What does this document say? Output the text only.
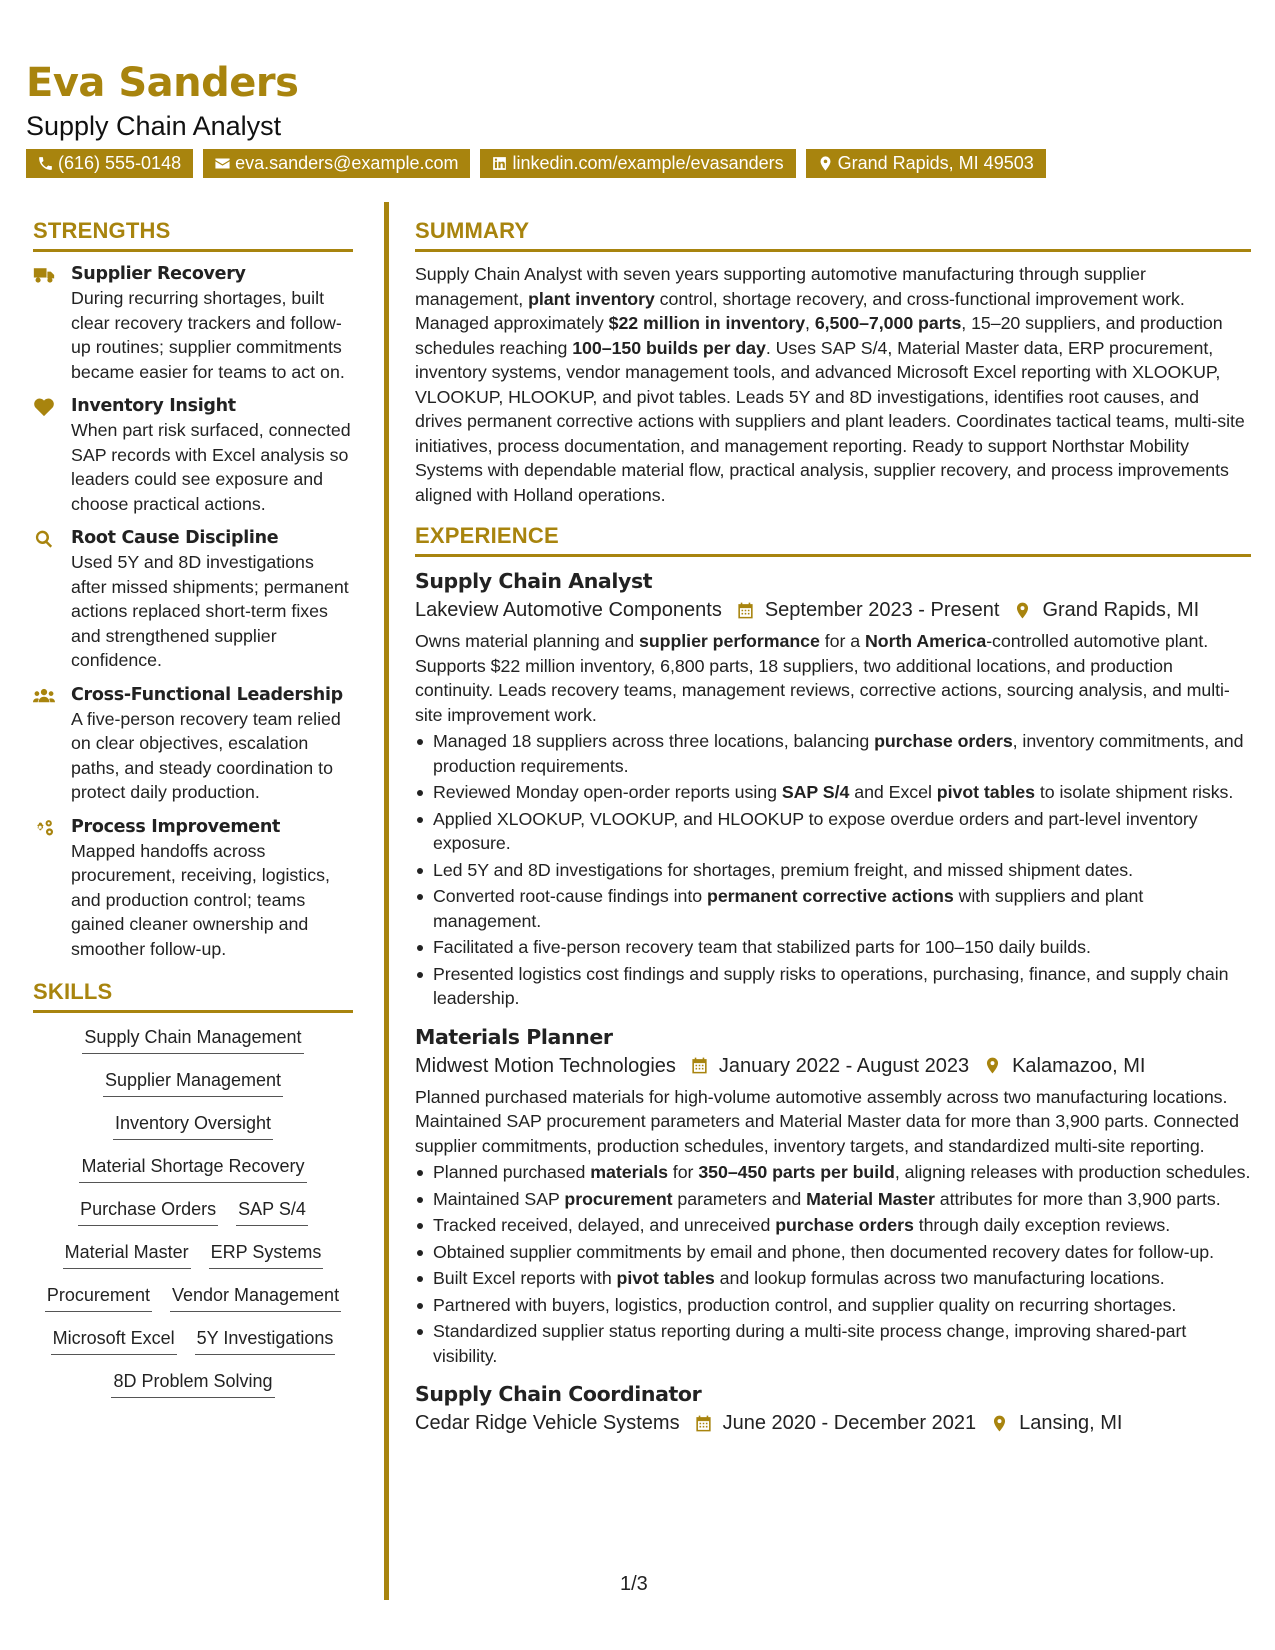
Eva Sanders
Supply Chain Analyst
(616) 555-0148	eva.sanders@example.com	linkedin.com/example/evasanders	Grand Rapids, MI 49503
STRENGTHS
Supplier Recovery
During recurring shortages, built clear recovery trackers and follow-up routines; supplier commitments became easier for teams to act on.
Inventory Insight
When part risk surfaced, connected SAP records with Excel analysis so leaders could see exposure and choose practical actions.
Root Cause Discipline
Used 5Y and 8D investigations after missed shipments; permanent actions replaced short-term fixes and strengthened supplier confidence.
Cross-Functional Leadership
A five-person recovery team relied on clear objectives, escalation paths, and steady coordination to protect daily production.
Process Improvement
Mapped handoffs across procurement, receiving, logistics, and production control; teams gained cleaner ownership and smoother follow-up.
SKILLS
Supply Chain Management
Supplier Management
Inventory Oversight
Material Shortage Recovery
Purchase Orders SAP S/4
Material Master ERP Systems
Procurement Vendor Management
Microsoft Excel 5Y Investigations
8D Problem Solving
SUMMARY
Supply Chain Analyst with seven years supporting automotive manufacturing through supplier management, plant inventory control, shortage recovery, and cross-functional improvement work. Managed approximately $22 million in inventory, 6,500–7,000 parts, 15–20 suppliers, and production schedules reaching 100–150 builds per day. Uses SAP S/4, Material Master data, ERP procurement, inventory systems, vendor management tools, and advanced Microsoft Excel reporting with XLOOKUP, VLOOKUP, HLOOKUP, and pivot tables. Leads 5Y and 8D investigations, identifies root causes, and drives permanent corrective actions with suppliers and plant leaders. Coordinates tactical teams, multi-site initiatives, process documentation, and management reporting. Ready to support Northstar Mobility Systems with dependable material flow, practical analysis, supplier recovery, and process improvements aligned with Holland operations.
EXPERIENCE
Supply Chain Analyst
Lakeview Automotive Components September 2023 - Present Grand Rapids, MI
Owns material planning and supplier performance for a North America-controlled automotive plant. Supports $22 million inventory, 6,800 parts, 18 suppliers, two additional locations, and production continuity. Leads recovery teams, management reviews, corrective actions, sourcing analysis, and multi-site improvement work.
Managed 18 suppliers across three locations, balancing purchase orders, inventory commitments, and production requirements.
Reviewed Monday open-order reports using SAP S/4 and Excel pivot tables to isolate shipment risks.
Applied XLOOKUP, VLOOKUP, and HLOOKUP to expose overdue orders and part-level inventory exposure.
Led 5Y and 8D investigations for shortages, premium freight, and missed shipment dates.
Converted root-cause findings into permanent corrective actions with suppliers and plant management.
Facilitated a five-person recovery team that stabilized parts for 100–150 daily builds.
Presented logistics cost findings and supply risks to operations, purchasing, finance, and supply chain leadership.
Materials Planner
Midwest Motion Technologies January 2022 - August 2023 Kalamazoo, MI
Planned purchased materials for high-volume automotive assembly across two manufacturing locations. Maintained SAP procurement parameters and Material Master data for more than 3,900 parts. Connected supplier commitments, production schedules, inventory targets, and standardized multi-site reporting.
Planned purchased materials for 350–450 parts per build, aligning releases with production schedules.
Maintained SAP procurement parameters and Material Master attributes for more than 3,900 parts.
Tracked received, delayed, and unreceived purchase orders through daily exception reviews.
Obtained supplier commitments by email and phone, then documented recovery dates for follow-up.
Built Excel reports with pivot tables and lookup formulas across two manufacturing locations.
Partnered with buyers, logistics, production control, and supplier quality on recurring shortages.
Standardized supplier status reporting during a multi-site process change, improving shared-part visibility.
Supply Chain Coordinator
Cedar Ridge Vehicle Systems June 2020 - December 2021 Lansing, MI
1/3
